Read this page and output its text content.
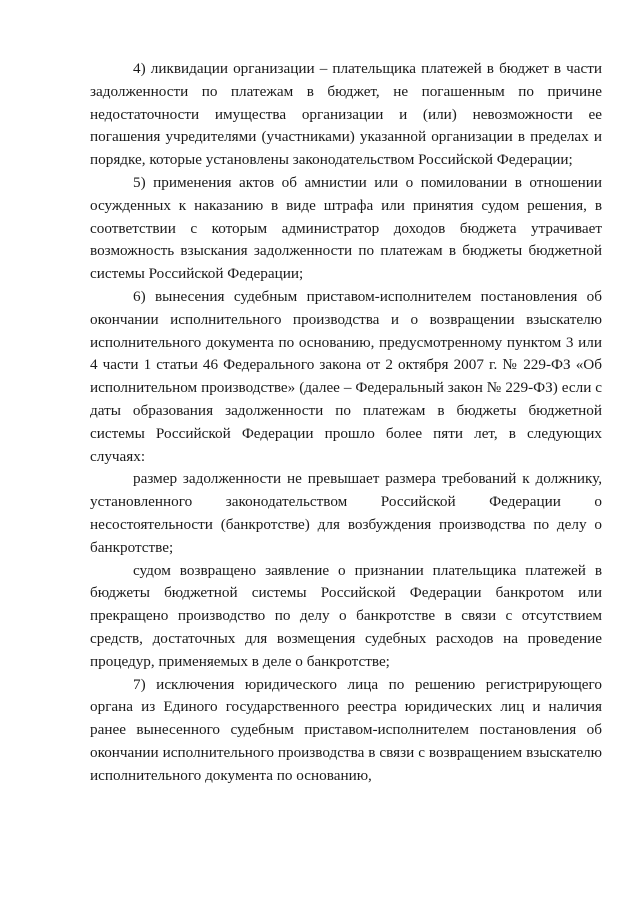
4) ликвидации организации – плательщика платежей в бюджет в части задолженности по платежам в бюджет, не погашенным по причине недостаточности имущества организации и (или) невозможности ее погашения учредителями (участниками) указанной организации в пределах и порядке, которые установлены законодательством Российской Федерации;

5) применения актов об амнистии или о помиловании в отношении осужденных к наказанию в виде штрафа или принятия судом решения, в соответствии с которым администратор доходов бюджета утрачивает возможность взыскания задолженности по платежам в бюджеты бюджетной системы Российской Федерации;

6) вынесения судебным приставом-исполнителем постановления об окончании исполнительного производства и о возвращении взыскателю исполнительного документа по основанию, предусмотренному пунктом 3 или 4 части 1 статьи 46 Федерального закона от 2 октября 2007 г. № 229-ФЗ «Об исполнительном производстве» (далее – Федеральный закон № 229-ФЗ) если с даты образования задолженности по платежам в бюджеты бюджетной системы Российской Федерации прошло более пяти лет, в следующих случаях:

размер задолженности не превышает размера требований к должнику, установленного законодательством Российской Федерации о несостоятельности (банкротстве) для возбуждения производства по делу о банкротстве;

судом возвращено заявление о признании плательщика платежей в бюджеты бюджетной системы Российской Федерации банкротом или прекращено производство по делу о банкротстве в связи с отсутствием средств, достаточных для возмещения судебных расходов на проведение процедур, применяемых в деле о банкротстве;

7) исключения юридического лица по решению регистрирующего органа из Единого государственного реестра юридических лиц и наличия ранее вынесенного судебным приставом-исполнителем постановления об окончании исполнительного производства в связи с возвращением взыскателю исполнительного документа по основанию,
